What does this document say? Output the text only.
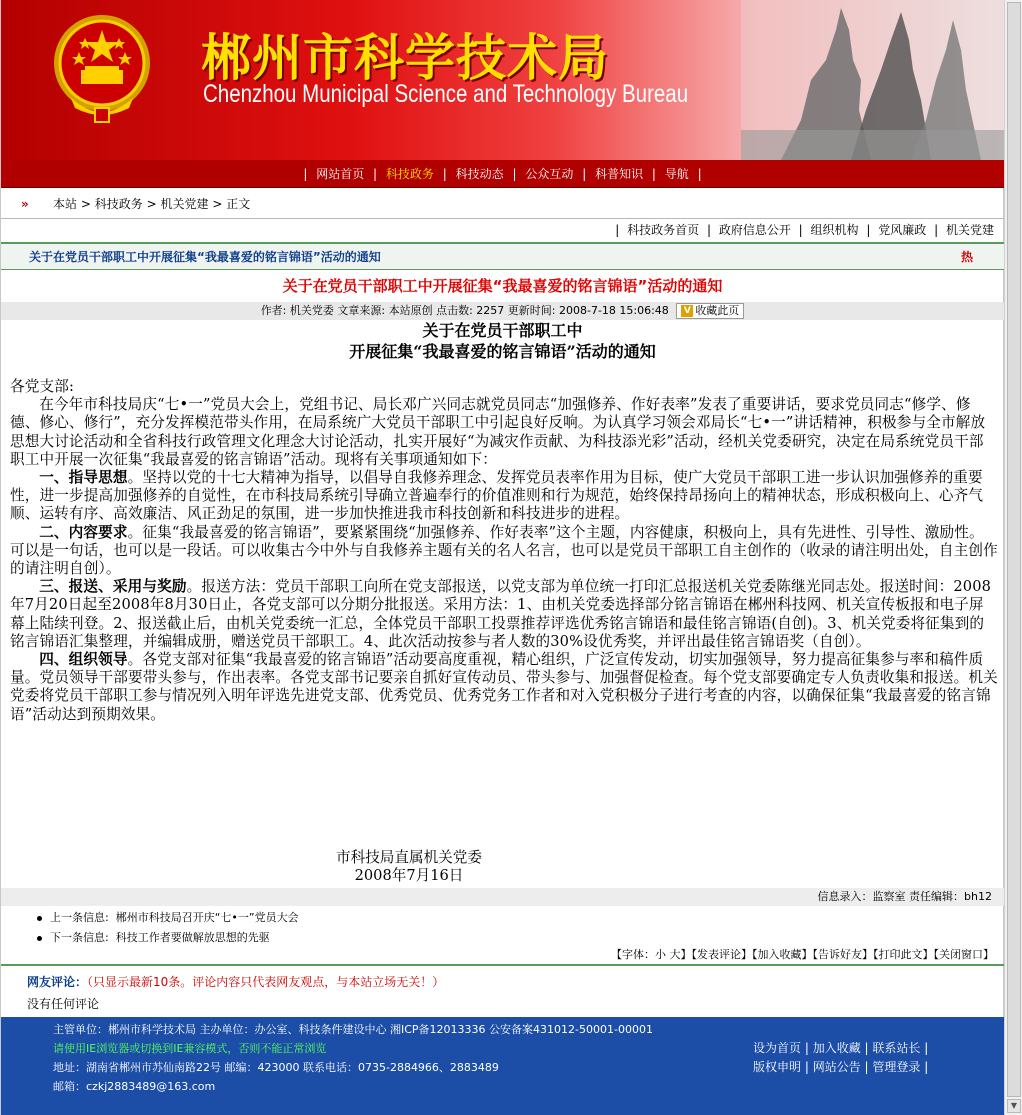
郴州市科学技术局
Chenzhou Municipal Science and Technology Bureau
| 网站首页 | 科技政务 | 科技动态 | 公众互动 | 科普知识 | 导航 |
» 本站 > 科技政务 > 机关党建 > 正文
| 科技政务首页 | 政府信息公开 | 组织机构 | 党风廉政 | 机关党建
关于在党员干部职工中开展征集“我最喜爱的铭言锦语”活动的通知	热
关于在党员干部职工中开展征集“我最喜爱的铭言锦语”活动的通知
作者: 机关党委 文章来源: 本站原创 点击数: 2257 更新时间: 2008-7-18 15:06:48 V 收藏此页
关于在党员干部职工中
开展征集“我最喜爱的铭言锦语”活动的通知

各党支部:

在今年市科技局庆“七•一”党员大会上，党组书记、局长邓广兴同志就党员同志“加强修养、作好表率”发表了重要讲话，要求党员同志“修学、修德、修心、修行”，充分发挥模范带头作用，在局系统广大党员干部职工中引起良好反响。为认真学习领会邓局长“七•一”讲话精神，积极参与全市解放思想大讨论活动和全省科技行政管理文化理念大讨论活动，扎实开展好“为减灾作贡献、为科技添光彩”活动，经机关党委研究，决定在局系统党员干部职工中开展一次征集“我最喜爱的铭言锦语”活动。现将有关事项通知如下：

一、指导思想。坚持以党的十七大精神为指导，以倡导自我修养理念、发挥党员表率作用为目标，使广大党员干部职工进一步认识加强修养的重要性，进一步提高加强修养的自觉性，在市科技局系统引导确立普遍奉行的价值准则和行为规范，始终保持昂扬向上的精神状态，形成积极向上、心齐气顺、运转有序、高效廉洁、风正劲足的氛围，进一步加快推进我市科技创新和科技进步的进程。

二、内容要求。征集“我最喜爱的铭言锦语”，要紧紧围绕“加强修养、作好表率”这个主题，内容健康，积极向上，具有先进性、引导性、激励性。可以是一句话，也可以是一段话。可以收集古今中外与自我修养主题有关的名人名言，也可以是党员干部职工自主创作的（收录的请注明出处，自主创作的请注明自创）。

三、报送、采用与奖励。报送方法：党员干部职工向所在党支部报送，以党支部为单位统一打印汇总报送机关党委陈继光同志处。报送时间：2008年7月20日起至2008年8月30日止，各党支部可以分期分批报送。采用方法：1、由机关党委选择部分铭言锦语在郴州科技网、机关宣传板报和电子屏幕上陆续刊登。2、报送截止后，由机关党委统一汇总，全体党员干部职工投票推荐评选优秀铭言锦语和最佳铭言锦语(自创)。3、机关党委将征集到的铭言锦语汇集整理，并编辑成册，赠送党员干部职工。4、此次活动按参与者人数的30%设优秀奖，并评出最佳铭言锦语奖（自创）。

四、组织领导。各党支部对征集“我最喜爱的铭言锦语”活动要高度重视，精心组织，广泛宣传发动，切实加强领导，努力提高征集参与率和稿件质量。党员领导干部要带头参与，作出表率。各党支部书记要亲自抓好宣传动员、带头参与、加强督促检查。每个党支部要确定专人负责收集和报送。机关党委将党员干部职工参与情况列入明年评选先进党支部、优秀党员、优秀党务工作者和对入党积极分子进行考查的内容，以确保征集“我最喜爱的铭言锦语”活动达到预期效果。

市科技局直属机关党委
2008年7月16日
信息录入：监察室 责任编辑：bh12
上一条信息: 郴州市科技局召开庆“七•一”党员大会
下一条信息: 科技工作者要做解放思想的先驱
【字体：小 大】【发表评论】【加入收藏】【告诉好友】【打印此文】【关闭窗口】
网友评论：（只显示最新10条。评论内容只代表网友观点，与本站立场无关！）
没有任何评论
主管单位：郴州市科学技术局 主办单位：办公室、科技条件建设中心 湘ICP备12013336 公安备案431012-50001-00001
请使用IE浏览器或切换到IE兼容模式，否则不能正常浏览
地址：湖南省郴州市苏仙南路22号 邮编：423000 联系电话：0735-2884966、2883489
邮箱：czkj2883489@163.com
设为首页 | 加入收藏 | 联系站长 |
版权申明 | 网站公告 | 管理登录 |
▼
